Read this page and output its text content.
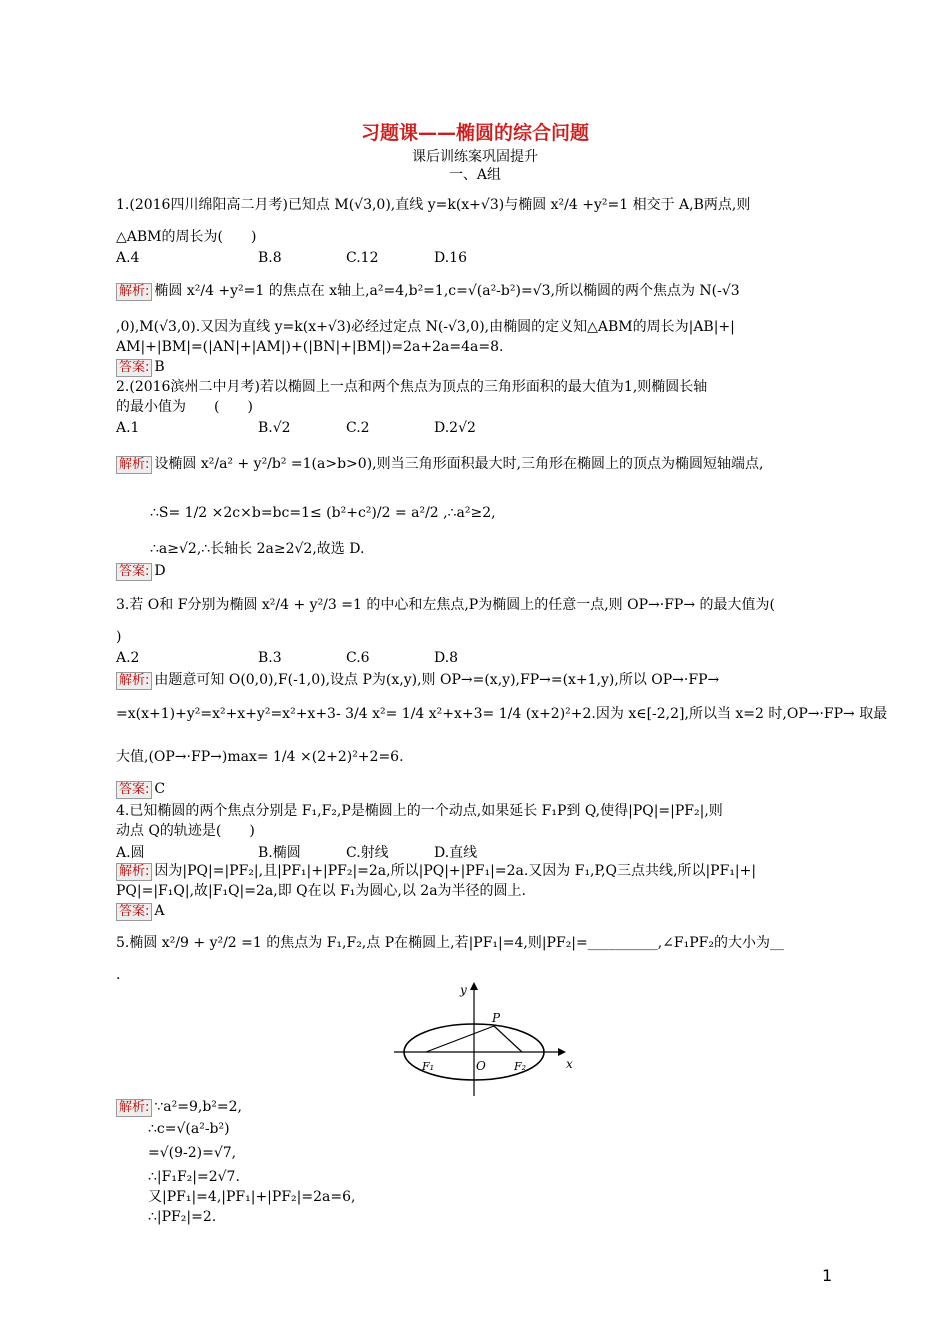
习题课——椭圆的综合问题
课后训练案巩固提升
一、A组
1.(2016四川绵阳高二月考)已知点 M(√3,0),直线 y=k(x+√3)与椭圆 x²/4 +y²=1 相交于 A,B两点,则
△ABM的周长为(　　)
A.4	B.8	C.12	D.16
解析: 椭圆 x²/4 +y²=1 的焦点在 x轴上,a²=4,b²=1,c=√(a²-b²)=√3,所以椭圆的两个焦点为 N(-√3
,0),M(√3,0).又因为直线 y=k(x+√3)必经过定点 N(-√3,0),由椭圆的定义知△ABM的周长为|AB|+|
AM|+|BM|=(|AN|+|AM|)+(|BN|+|BM|)=2a+2a=4a=8.
答案: B
2.(2016滨州二中月考)若以椭圆上一点和两个焦点为顶点的三角形面积的最大值为1,则椭圆长轴
的最小值为　　(　　)
A.1	B.√2	C.2	D.2√2
解析: 设椭圆 x²/a² + y²/b² =1(a>b>0),则当三角形面积最大时,三角形在椭圆上的顶点为椭圆短轴端点,
∴S= 1/2 ×2c×b=bc=1≤ (b²+c²)/2 = a²/2 ,∴a²≥2,
∴a≥√2,∴长轴长 2a≥2√2,故选 D.
答案: D
3.若 O和 F分别为椭圆 x²/4 + y²/3 =1 的中心和左焦点,P为椭圆上的任意一点,则 OP→·FP→ 的最大值为(
)
A.2	B.3	C.6	D.8
解析: 由题意可知 O(0,0),F(-1,0),设点 P为(x,y),则 OP→=(x,y),FP→=(x+1,y),所以 OP→·FP→
=x(x+1)+y²=x²+x+y²=x²+x+3- 3/4 x²= 1/4 x²+x+3= 1/4 (x+2)²+2.因为 x∈[-2,2],所以当 x=2 时,OP→·FP→ 取最
大值,(OP→·FP→)max= 1/4 ×(2+2)²+2=6.
答案: C
4.已知椭圆的两个焦点分别是 F₁,F₂,P是椭圆上的一个动点,如果延长 F₁P到 Q,使得|PQ|=|PF₂|,则
动点 Q的轨迹是(　　)
A.圆	B.椭圆	C.射线	D.直线
解析: 因为|PQ|=|PF₂|,且|PF₁|+|PF₂|=2a,所以|PQ|+|PF₁|=2a.又因为 F₁,P,Q三点共线,所以|PF₁|+|
PQ|=|F₁Q|,故|F₁Q|=2a,即 Q在以 F₁为圆心,以 2a为半径的圆上.
答案: A
5.椭圆 x²/9 + y²/2 =1 的焦点为 F₁,F₂,点 P在椭圆上,若|PF₁|=4,则|PF₂|=__________,∠F₁PF₂的大小为__
.
y
x
O
P
F₁	F₂
解析: ∵a²=9,b²=2,
∴c=√(a²-b²)
=√(9-2)=√7,
∴|F₁F₂|=2√7.
又|PF₁|=4,|PF₁|+|PF₂|=2a=6,
∴|PF₂|=2.
1
